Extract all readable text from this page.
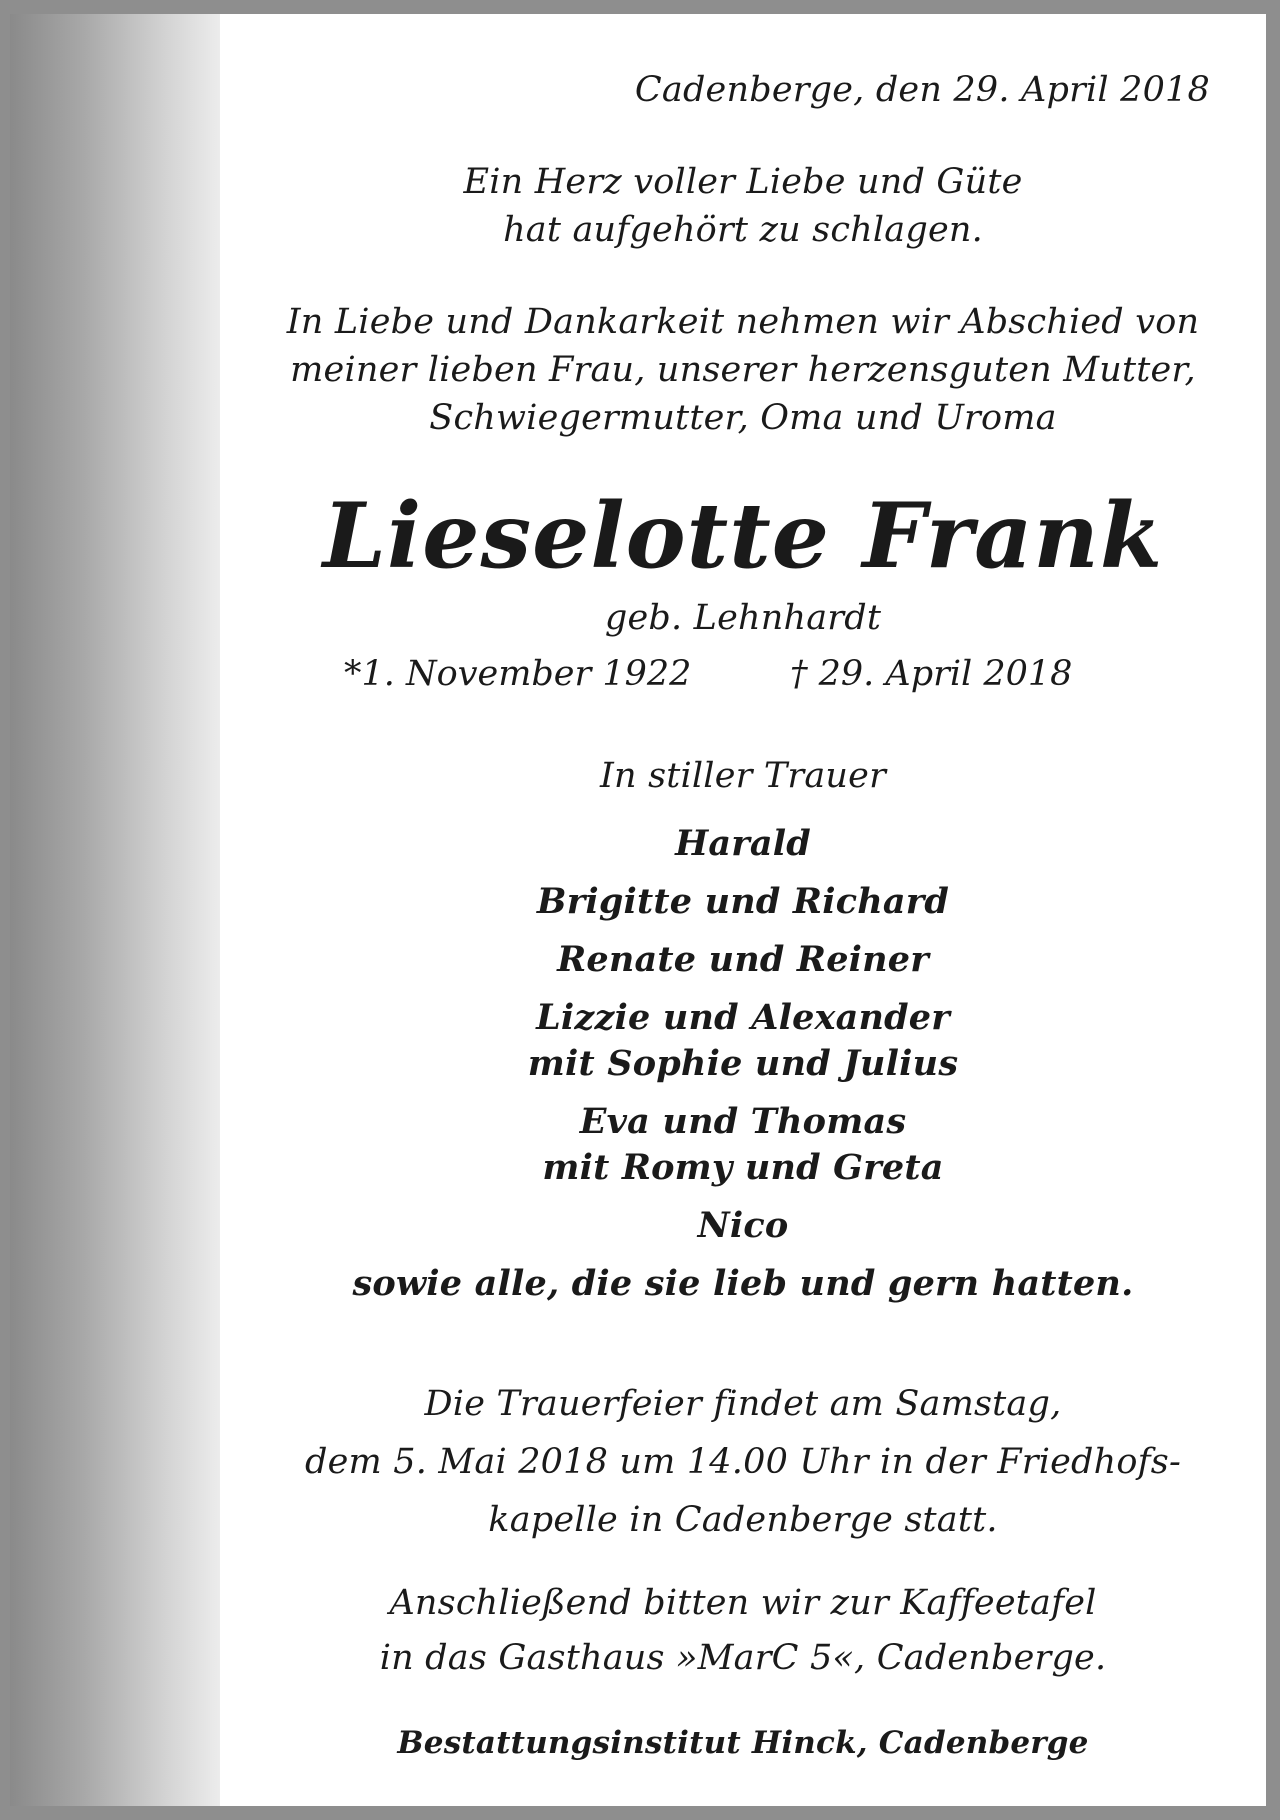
Cadenberge, den 29. April 2018
Ein Herz voller Liebe und Güte
hat aufgehört zu schlagen.
In Liebe und Dankarkeit nehmen wir Abschied von
meiner lieben Frau, unserer herzensguten Mutter,
Schwiegermutter, Oma und Uroma
Lieselotte Frank
geb. Lehnhardt
*1. November 1922	† 29. April 2018
In stiller Trauer
Harald
Brigitte und Richard
Renate und Reiner
Lizzie und Alexander
mit Sophie und Julius
Eva und Thomas
mit Romy und Greta
Nico
sowie alle, die sie lieb und gern hatten.
Die Trauerfeier findet am Samstag,
dem 5. Mai 2018 um 14.00 Uhr in der Friedhofs-
kapelle in Cadenberge statt.
Anschließend bitten wir zur Kaffeetafel
in das Gasthaus »MarC 5«, Cadenberge.
Bestattungsinstitut Hinck, Cadenberge
